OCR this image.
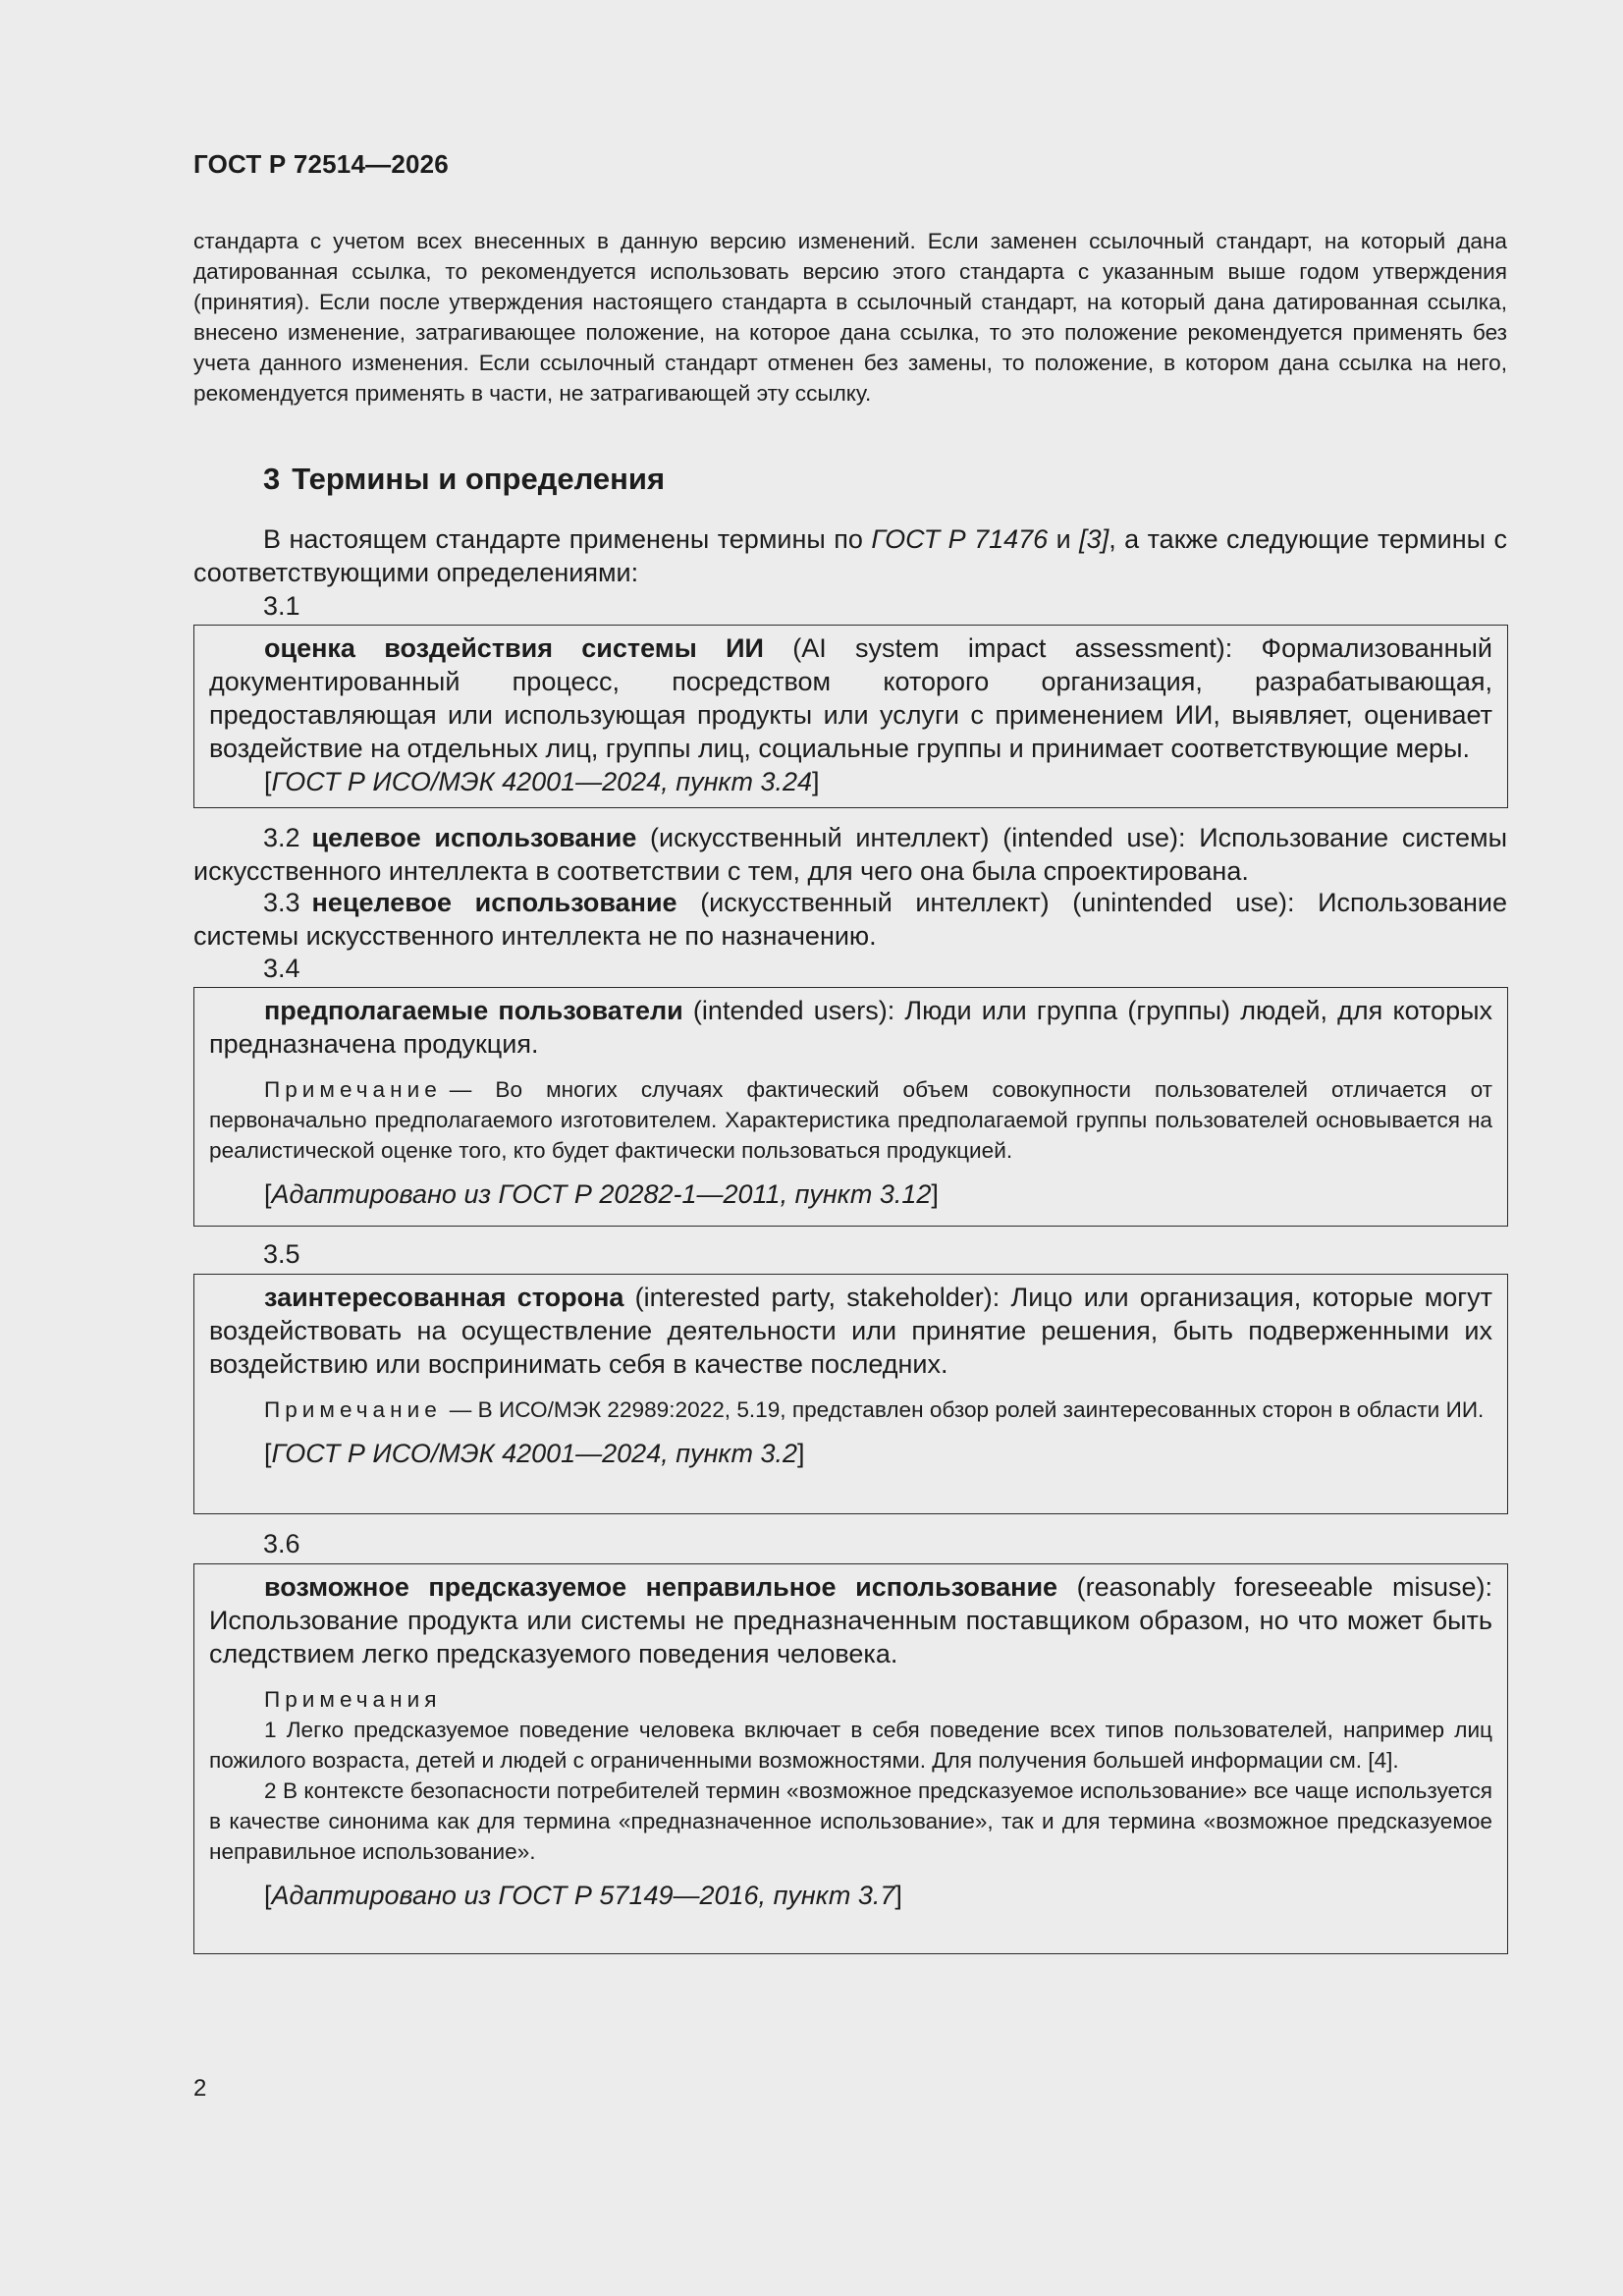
ГОСТ Р 72514—2026
стандарта с учетом всех внесенных в данную версию изменений. Если заменен ссылочный стандарт, на который дана датированная ссылка, то рекомендуется использовать версию этого стандарта с указанным выше годом утверждения (принятия). Если после утверждения настоящего стандарта в ссылочный стандарт, на который дана датированная ссылка, внесено изменение, затрагивающее положение, на которое дана ссылка, то это положение рекомендуется применять без учета данного изменения. Если ссылочный стандарт отменен без замены, то положение, в котором дана ссылка на него, рекомендуется применять в части, не затрагивающей эту ссылку.
3 Термины и определения
В настоящем стандарте применены термины по ГОСТ Р 71476 и [3], а также следующие термины с соответствующими определениями:
3.1

оценка воздействия системы ИИ (AI system impact assessment): Формализованный документированный процесс, посредством которого организация, разрабатывающая, предоставляющая или использующая продукты или услуги с применением ИИ, выявляет, оценивает воздействие на отдельных лиц, группы лиц, социальные группы и принимает соответствующие меры.

[ГОСТ Р ИСО/МЭК 42001—2024, пункт 3.24]

3.2 целевое использование (искусственный интеллект) (intended use): Использование системы искусственного интеллекта в соответствии с тем, для чего она была спроектирована.

3.3 нецелевое использование (искусственный интеллект) (unintended use): Использование системы искусственного интеллекта не по назначению.

3.4

предполагаемые пользователи (intended users): Люди или группа (группы) людей, для которых предназначена продукция.

Примечание — Во многих случаях фактический объем совокупности пользователей отличается от первоначально предполагаемого изготовителем. Характеристика предполагаемой группы пользователей основывается на реалистической оценке того, кто будет фактически пользоваться продукцией.

[Адаптировано из ГОСТ Р 20282-1—2011, пункт 3.12]

3.5

заинтересованная сторона (interested party, stakeholder): Лицо или организация, которые могут воздействовать на осуществление деятельности или принятие решения, быть подверженными их воздействию или воспринимать себя в качестве последних.

Примечание — В ИСО/МЭК 22989:2022, 5.19, представлен обзор ролей заинтересованных сторон в области ИИ.

[ГОСТ Р ИСО/МЭК 42001—2024, пункт 3.2]

3.6

возможное предсказуемое неправильное использование (reasonably foreseeable misuse): Использование продукта или системы не предназначенным поставщиком образом, но что может быть следствием легко предсказуемого поведения человека.

Примечания

1 Легко предсказуемое поведение человека включает в себя поведение всех типов пользователей, например лиц пожилого возраста, детей и людей с ограниченными возможностями. Для получения большей информации см. [4].

2 В контексте безопасности потребителей термин «возможное предсказуемое использование» все чаще используется в качестве синонима как для термина «предназначенное использование», так и для термина «возможное предсказуемое неправильное использование».

[Адаптировано из ГОСТ Р 57149—2016, пункт 3.7]

2
